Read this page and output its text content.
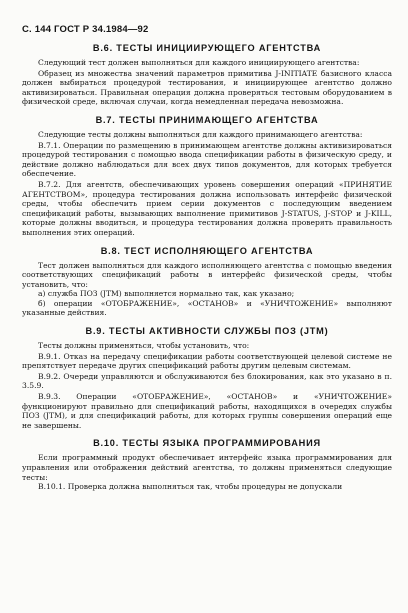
С. 144 ГОСТ Р 34.1984—92
В.6. ТЕСТЫ ИНИЦИИРУЮЩЕГО АГЕНТСТВА

Следующий тест должен выполняться для каждого инициирующего агентства:

Образец из множества значений параметров примитива J-INITIATE базисного класса должен выбираться процедурой тестирования, и инициирующее агентство должно активизироваться. Правильная операция должна проверяться тестовым оборудованием в физической среде, включая случаи, когда немедленная передача невозможна.

В.7. ТЕСТЫ ПРИНИМАЮЩЕГО АГЕНТСТВА

Следующие тесты должны выполняться для каждого принимающего агентства:

В.7.1. Операции по размещению в принимающем агентстве должны активизироваться процедурой тестирования с помощью ввода спецификации работы в физическую среду, и действие должно наблюдаться для всех двух типов документов, для которых требуется обеспечение.

В.7.2. Для агентств, обеспечивающих уровень совершения операций «ПРИНЯТИЕ АГЕНТСТВОМ», процедура тестирования должна использовать интерфейс физической среды, чтобы обеспечить прием серии документов с последующим введением спецификаций работы, вызывающих выполнение примитивов J-STATUS, J-STOP и J-KILL, которые должны вводиться, и процедура тестирования должна проверять правильность выполнения этих операций.

В.8. ТЕСТ ИСПОЛНЯЮЩЕГО АГЕНТСТВА

Тест должен выполняться для каждого исполняющего агентства с помощью введения соответствующих спецификаций работы в интерфейс физической среды, чтобы установить, что:

а) служба ПОЗ (JTM) выполняется нормально так, как указано;

б) операции «ОТОБРАЖЕНИЕ», «ОСТАНОВ» и «УНИЧТОЖЕНИЕ» выполняют указанные действия.

В.9. ТЕСТЫ АКТИВНОСТИ СЛУЖБЫ ПОЗ (JTM)

Тесты должны применяться, чтобы установить, что:

В.9.1. Отказ на передачу спецификации работы соответствующей целевой системе не препятствует передаче других спецификаций работы другим целевым системам.

В.9.2. Очереди управляются и обслуживаются без блокирования, как это указано в п. 3.5.9.

В.9.3. Операции «ОТОБРАЖЕНИЕ», «ОСТАНОВ» и «УНИЧТОЖЕНИЕ» функционируют правильно для спецификаций работы, находящихся в очередях службы ПОЗ (JTM), и для спецификаций работы, для которых группы совершения операций еще не завершены.

В.10. ТЕСТЫ ЯЗЫКА ПРОГРАММИРОВАНИЯ

Если программный продукт обеспечивает интерфейс языка программирования для управления или отображения действий агентства, то должны применяться следующие тесты:

В.10.1. Проверка должна выполняться так, чтобы процедуры не допускали
